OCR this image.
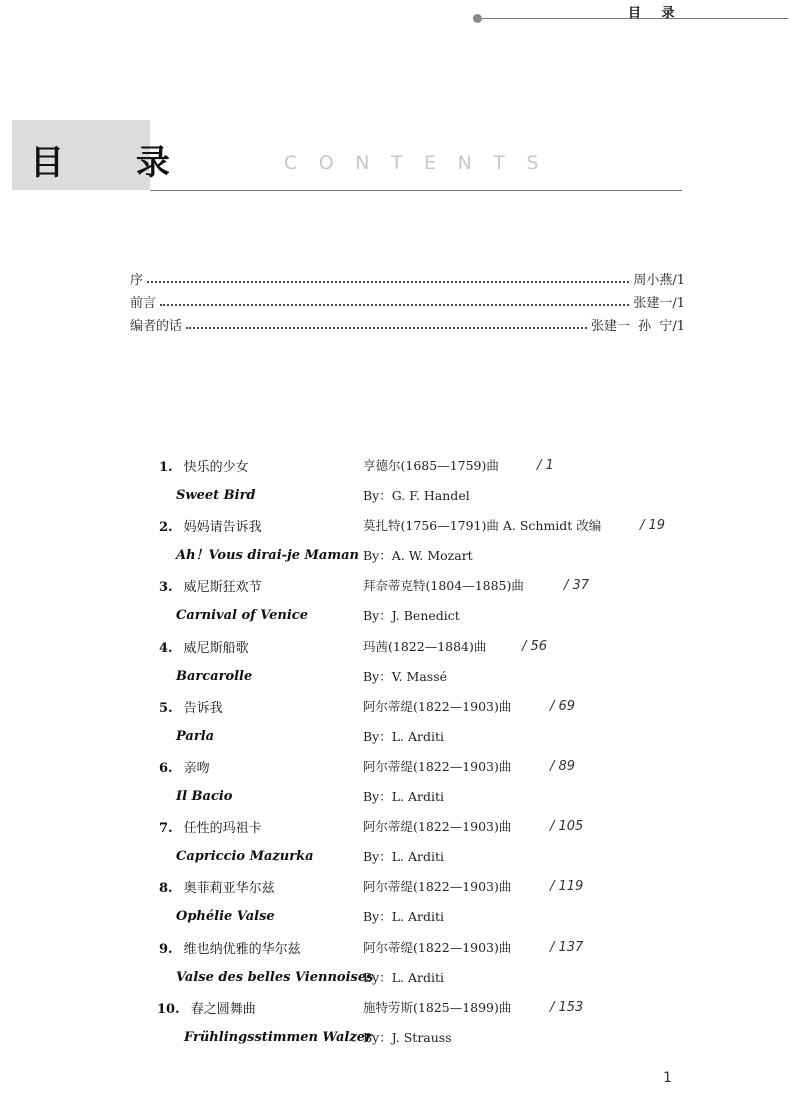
目 录
目 录	CONTENTS
序	周小燕/1
前言	张建一/1
编者的话	张建一  孙  宁/1
1. 快乐的少女	亨德尔(1685—1759)曲	/ 1
Sweet Bird	By：G. F. Handel
2. 妈妈请告诉我	莫扎特(1756—1791)曲 A. Schmidt 改编	/ 19
Ah！Vous dirai-je Maman By：A. W. Mozart
3. 威尼斯狂欢节	拜奈蒂克特(1804—1885)曲	/ 37
Carnival of Venice	By：J. Benedict
4. 威尼斯船歌	玛茜(1822—1884)曲	/ 56
Barcarolle	By：V. Massé
5. 告诉我	阿尔蒂缇(1822—1903)曲	/ 69
Parla	By：L. Arditi
6. 亲吻	阿尔蒂缇(1822—1903)曲	/ 89
Il Bacio	By：L. Arditi
7. 任性的玛祖卡	阿尔蒂缇(1822—1903)曲	/ 105
Capriccio Mazurka	By：L. Arditi
8. 奥菲莉亚华尔兹	阿尔蒂缇(1822—1903)曲	/ 119
Ophélie Valse	By：L. Arditi
9. 维也纳优雅的华尔兹	阿尔蒂缇(1822—1903)曲	/ 137
Valse des belles Viennoises
By：L. Arditi
10. 春之圆舞曲	施特劳斯(1825—1899)曲	/ 153
Frühlingsstimmen Walzer
By：J. Strauss
1
